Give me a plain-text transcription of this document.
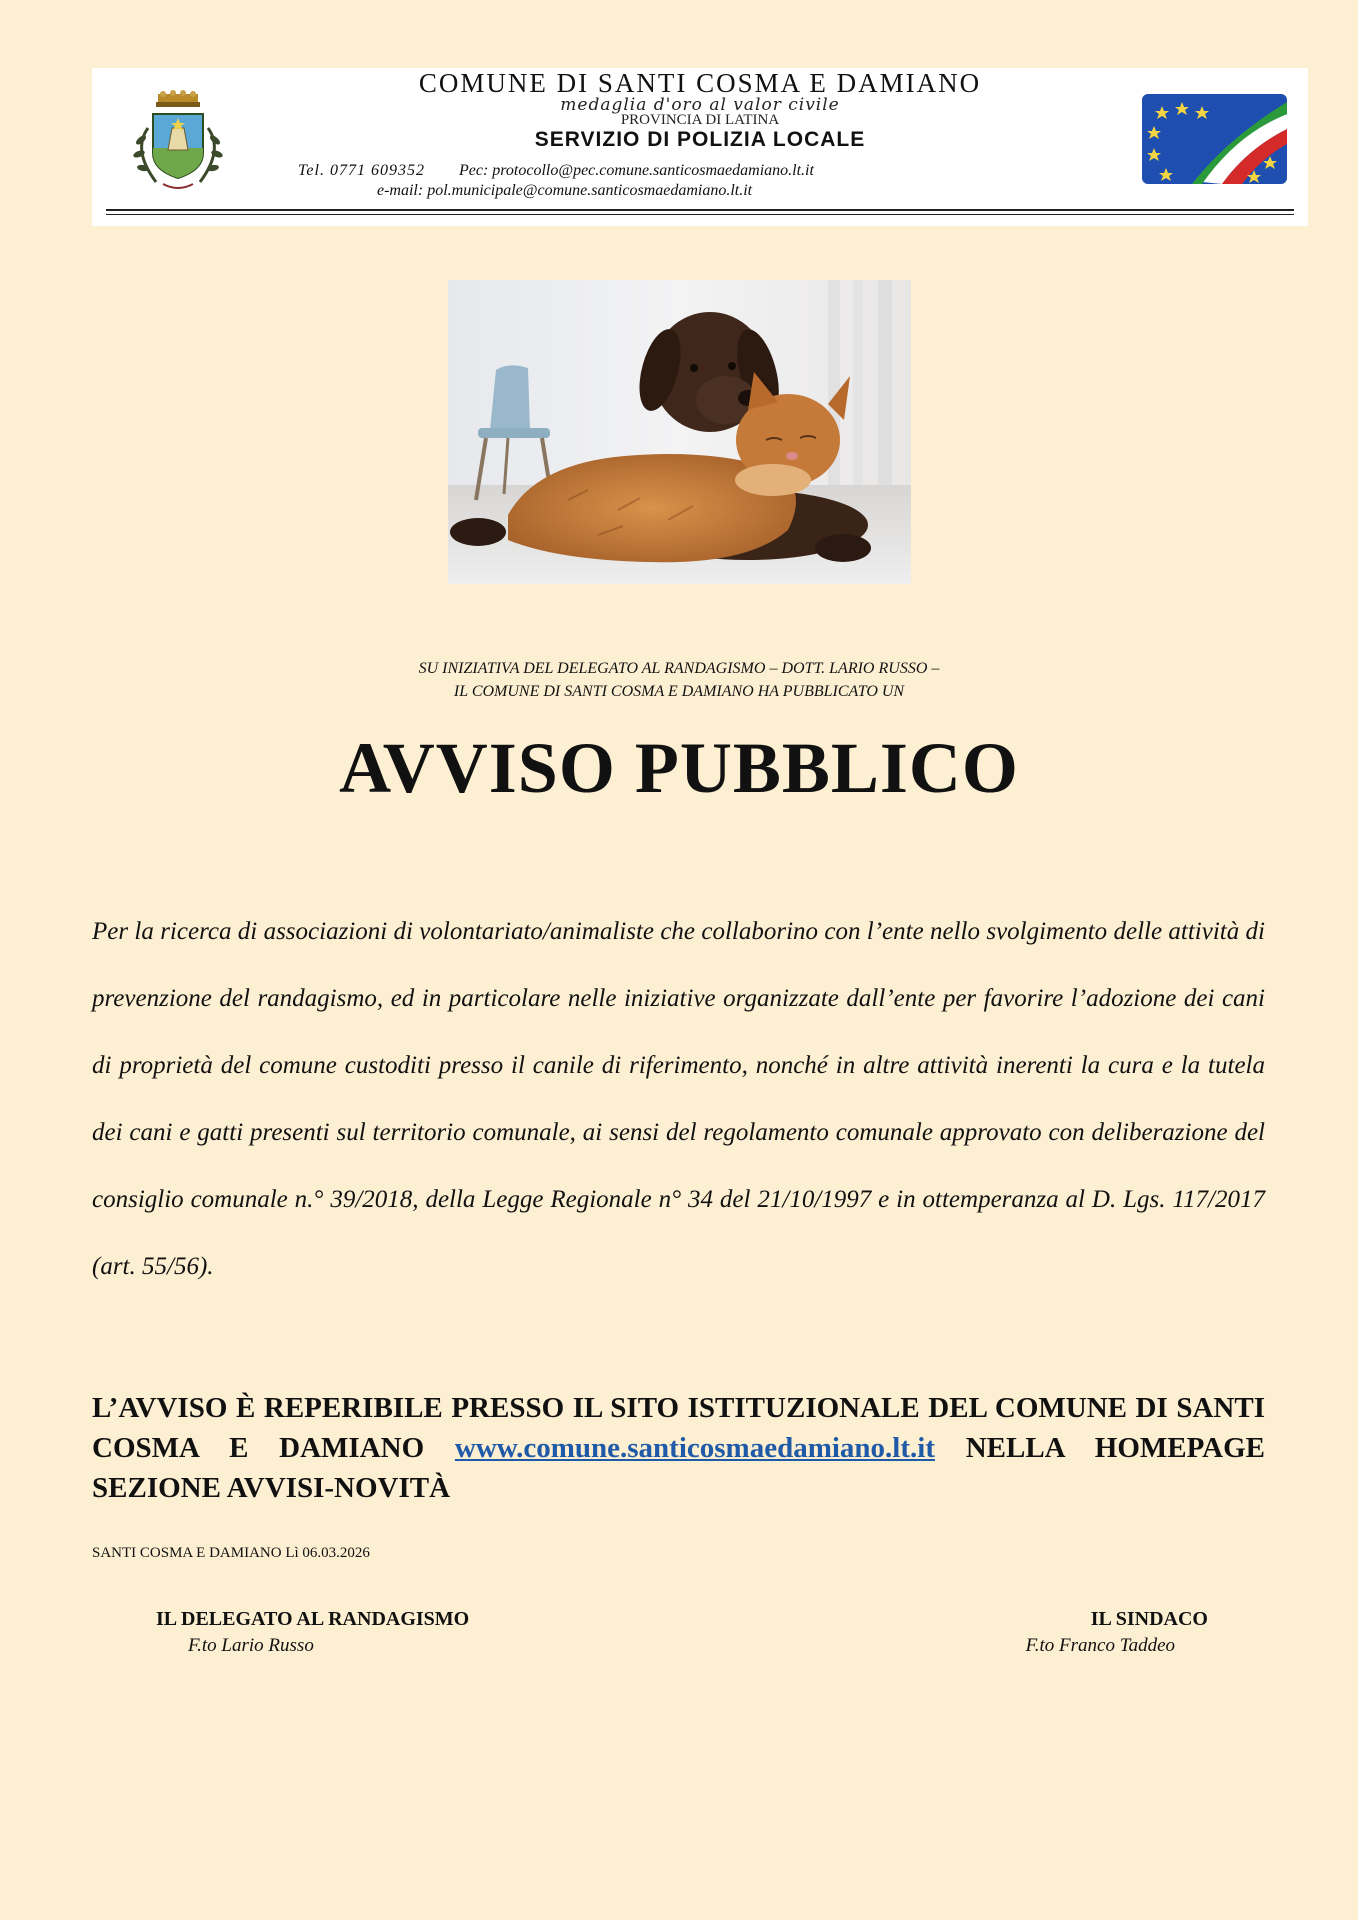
COMUNE DI SANTI COSMA E DAMIANO
medaglia d'oro al valor civile
PROVINCIA DI LATINA
SERVIZIO DI POLIZIA LOCALE
Tel. 0771 609352 Pec: protocollo@pec.comune.santicosmaedamiano.lt.it
e-mail: pol.municipale@comune.santicosmaedamiano.lt.it
SU INIZIATIVA DEL DELEGATO AL RANDAGISMO – DOTT. LARIO RUSSO –
IL COMUNE DI SANTI COSMA E DAMIANO HA PUBBLICATO UN
AVVISO PUBBLICO
Per la ricerca di associazioni di volontariato/animaliste che collaborino con l’ente nello svolgimento delle attività di prevenzione del randagismo, ed in particolare nelle iniziative organizzate dall’ente per favorire l’adozione dei cani di proprietà del comune custoditi presso il canile di riferimento, nonché in altre attività inerenti la cura e la tutela dei cani e gatti presenti sul territorio comunale, ai sensi del regolamento comunale approvato con deliberazione del consiglio comunale n.° 39/2018, della Legge Regionale n° 34 del 21/10/1997 e in ottemperanza al D. Lgs. 117/2017 (art. 55/56).
L’AVVISO È REPERIBILE PRESSO IL SITO ISTITUZIONALE DEL COMUNE DI SANTI COSMA E DAMIANO www.comune.santicosmaedamiano.lt.it NELLA HOMEPAGE SEZIONE AVVISI-NOVITÀ
SANTI COSMA E DAMIANO Lì 06.03.2026
IL DELEGATO AL RANDAGISMO
F.to Lario Russo
IL SINDACO
F.to Franco Taddeo
